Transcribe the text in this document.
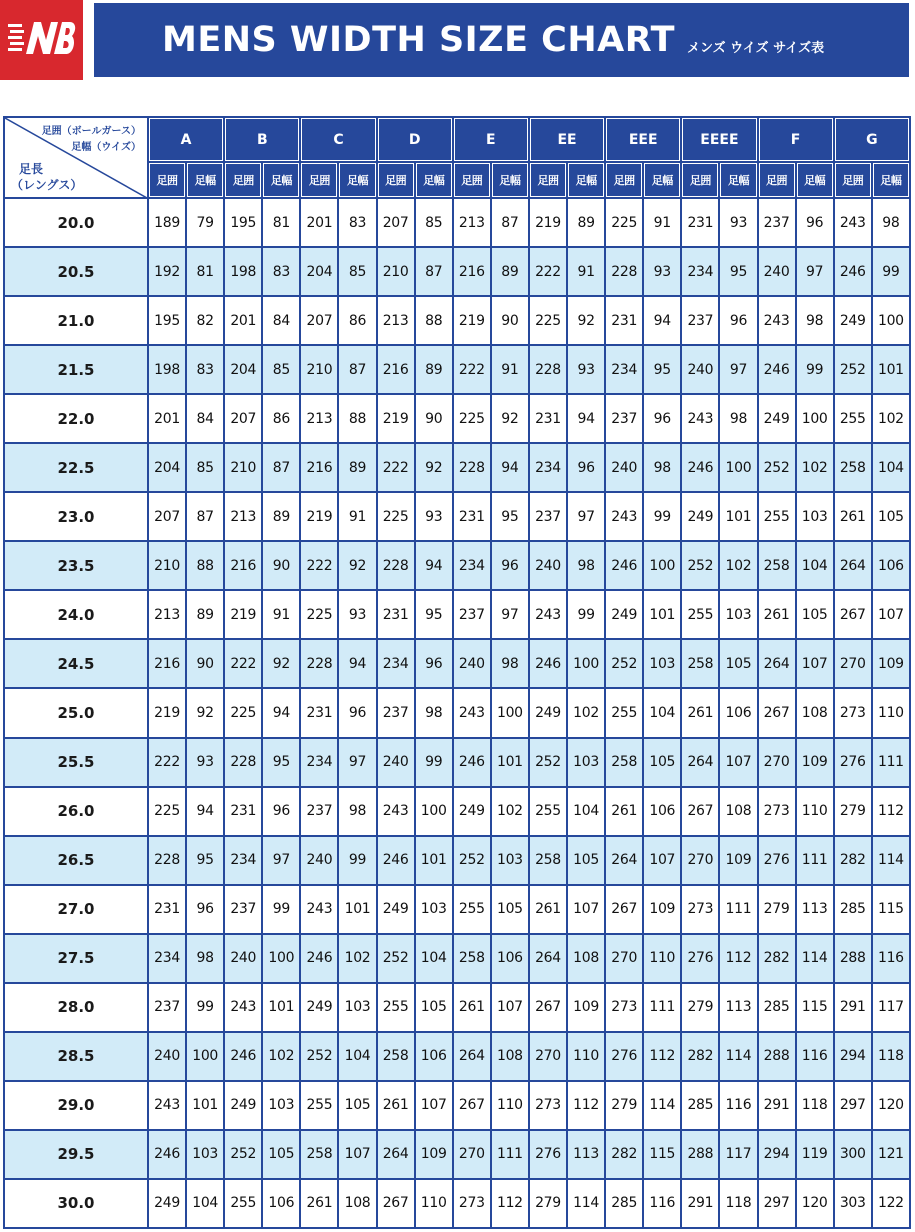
MENS WIDTH SIZE CHART メンズ ウイズ サイズ表
足囲（ボールガース）
足幅（ウイズ）
足長
（レングス）	A		B		C		D		E		EE		EEE		EEEE		F		G	
	足囲	足幅	足囲	足幅	足囲	足幅	足囲	足幅	足囲	足幅	足囲	足幅	足囲	足幅	足囲	足幅	足囲	足幅	足囲	足幅
20.0	189	79	195	81	201	83	207	85	213	87	219	89	225	91	231	93	237	96	243	98
20.5	192	81	198	83	204	85	210	87	216	89	222	91	228	93	234	95	240	97	246	99
21.0	195	82	201	84	207	86	213	88	219	90	225	92	231	94	237	96	243	98	249	100
21.5	198	83	204	85	210	87	216	89	222	91	228	93	234	95	240	97	246	99	252	101
22.0	201	84	207	86	213	88	219	90	225	92	231	94	237	96	243	98	249	100	255	102
22.5	204	85	210	87	216	89	222	92	228	94	234	96	240	98	246	100	252	102	258	104
23.0	207	87	213	89	219	91	225	93	231	95	237	97	243	99	249	101	255	103	261	105
23.5	210	88	216	90	222	92	228	94	234	96	240	98	246	100	252	102	258	104	264	106
24.0	213	89	219	91	225	93	231	95	237	97	243	99	249	101	255	103	261	105	267	107
24.5	216	90	222	92	228	94	234	96	240	98	246	100	252	103	258	105	264	107	270	109
25.0	219	92	225	94	231	96	237	98	243	100	249	102	255	104	261	106	267	108	273	110
25.5	222	93	228	95	234	97	240	99	246	101	252	103	258	105	264	107	270	109	276	111
26.0	225	94	231	96	237	98	243	100	249	102	255	104	261	106	267	108	273	110	279	112
26.5	228	95	234	97	240	99	246	101	252	103	258	105	264	107	270	109	276	111	282	114
27.0	231	96	237	99	243	101	249	103	255	105	261	107	267	109	273	111	279	113	285	115
27.5	234	98	240	100	246	102	252	104	258	106	264	108	270	110	276	112	282	114	288	116
28.0	237	99	243	101	249	103	255	105	261	107	267	109	273	111	279	113	285	115	291	117
28.5	240	100	246	102	252	104	258	106	264	108	270	110	276	112	282	114	288	116	294	118
29.0	243	101	249	103	255	105	261	107	267	110	273	112	279	114	285	116	291	118	297	120
29.5	246	103	252	105	258	107	264	109	270	111	276	113	282	115	288	117	294	119	300	121
30.0	249	104	255	106	261	108	267	110	273	112	279	114	285	116	291	118	297	120	303	122
